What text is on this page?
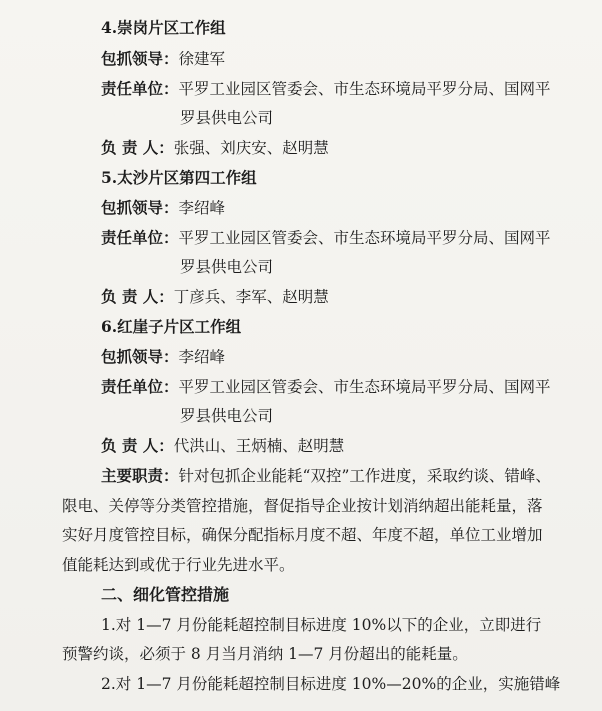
4.崇岗片区工作组
包抓领导：徐建军
责任单位：平罗工业园区管委会、市生态环境局平罗分局、国网平
罗县供电公司
负 责 人：张强、刘庆安、赵明慧
5.太沙片区第四工作组
包抓领导：李绍峰
责任单位：平罗工业园区管委会、市生态环境局平罗分局、国网平
罗县供电公司
负 责 人：丁彦兵、李军、赵明慧
6.红崖子片区工作组
包抓领导：李绍峰
责任单位：平罗工业园区管委会、市生态环境局平罗分局、国网平
罗县供电公司
负 责 人：代洪山、王炳楠、赵明慧
主要职责：针对包抓企业能耗“双控”工作进度，采取约谈、错峰、
限电、关停等分类管控措施，督促指导企业按计划消纳超出能耗量，落
实好月度管控目标，确保分配指标月度不超、年度不超，单位工业增加
值能耗达到或优于行业先进水平。
二、细化管控措施
1.对 1—7 月份能耗超控制目标进度 10%以下的企业，立即进行
预警约谈，必须于 8 月当月消纳 1—7 月份超出的能耗量。
2.对 1—7 月份能耗超控制目标进度 10%—20%的企业，实施错峰
